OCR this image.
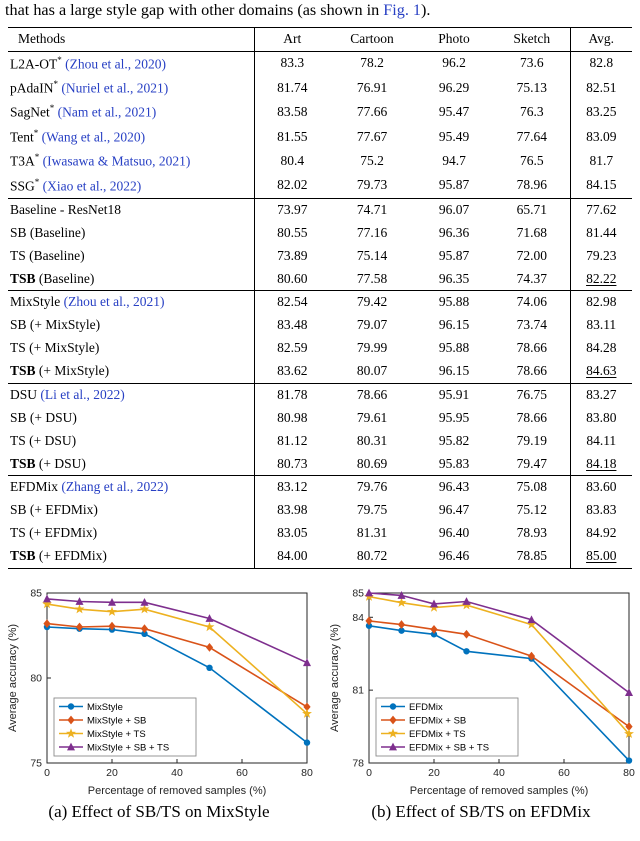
that has a large style gap with other domains (as shown in Fig. 1).

Methods	Art	Cartoon	Photo	Sketch	Avg.
L2A-OT* (Zhou et al., 2020)	83.3	78.2	96.2	73.6	82.8
pAdaIN* (Nuriel et al., 2021)	81.74	76.91	96.29	75.13	82.51
SagNet* (Nam et al., 2021)	83.58	77.66	95.47	76.3	83.25
Tent* (Wang et al., 2020)	81.55	77.67	95.49	77.64	83.09
T3A* (Iwasawa & Matsuo, 2021)	80.4	75.2	94.7	76.5	81.7
SSG* (Xiao et al., 2022)	82.02	79.73	95.87	78.96	84.15
Baseline - ResNet18	73.97	74.71	96.07	65.71	77.62
SB (Baseline)	80.55	77.16	96.36	71.68	81.44
TS (Baseline)	73.89	75.14	95.87	72.00	79.23
TSB (Baseline)	80.60	77.58	96.35	74.37	82.22
MixStyle (Zhou et al., 2021)	82.54	79.42	95.88	74.06	82.98
SB (+ MixStyle)	83.48	79.07	96.15	73.74	83.11
TS (+ MixStyle)	82.59	79.99	95.88	78.66	84.28
TSB (+ MixStyle)	83.62	80.07	96.15	78.66	84.63
DSU (Li et al., 2022)	81.78	78.66	95.91	76.75	83.27
SB (+ DSU)	80.98	79.61	95.95	78.66	83.80
TS (+ DSU)	81.12	80.31	95.82	79.19	84.11
TSB (+ DSU)	80.73	80.69	95.83	79.47	84.18
EFDMix (Zhang et al., 2022)	83.12	79.76	96.43	75.08	83.60
SB (+ EFDMix)	83.98	79.75	96.47	75.12	83.83
TS (+ EFDMix)	83.05	81.31	96.40	78.93	84.92
TSB (+ EFDMix)	84.00	80.72	96.46	78.85	85.00
0	20	40	60	80
75
80
85
Percentage of removed samples (%)
Average accuracy (%)	MixStyle
MixStyle + SB
MixStyle + TS
MixStyle + SB + TS
0	20	40	60	80
78
81
84
85
Percentage of removed samples (%)
Average accuracy (%)	EFDMix
EFDMix + SB
EFDMix + TS
EFDMix + SB + TS
(a) Effect of SB/TS on MixStyle	(b) Effect of SB/TS on EFDMix
